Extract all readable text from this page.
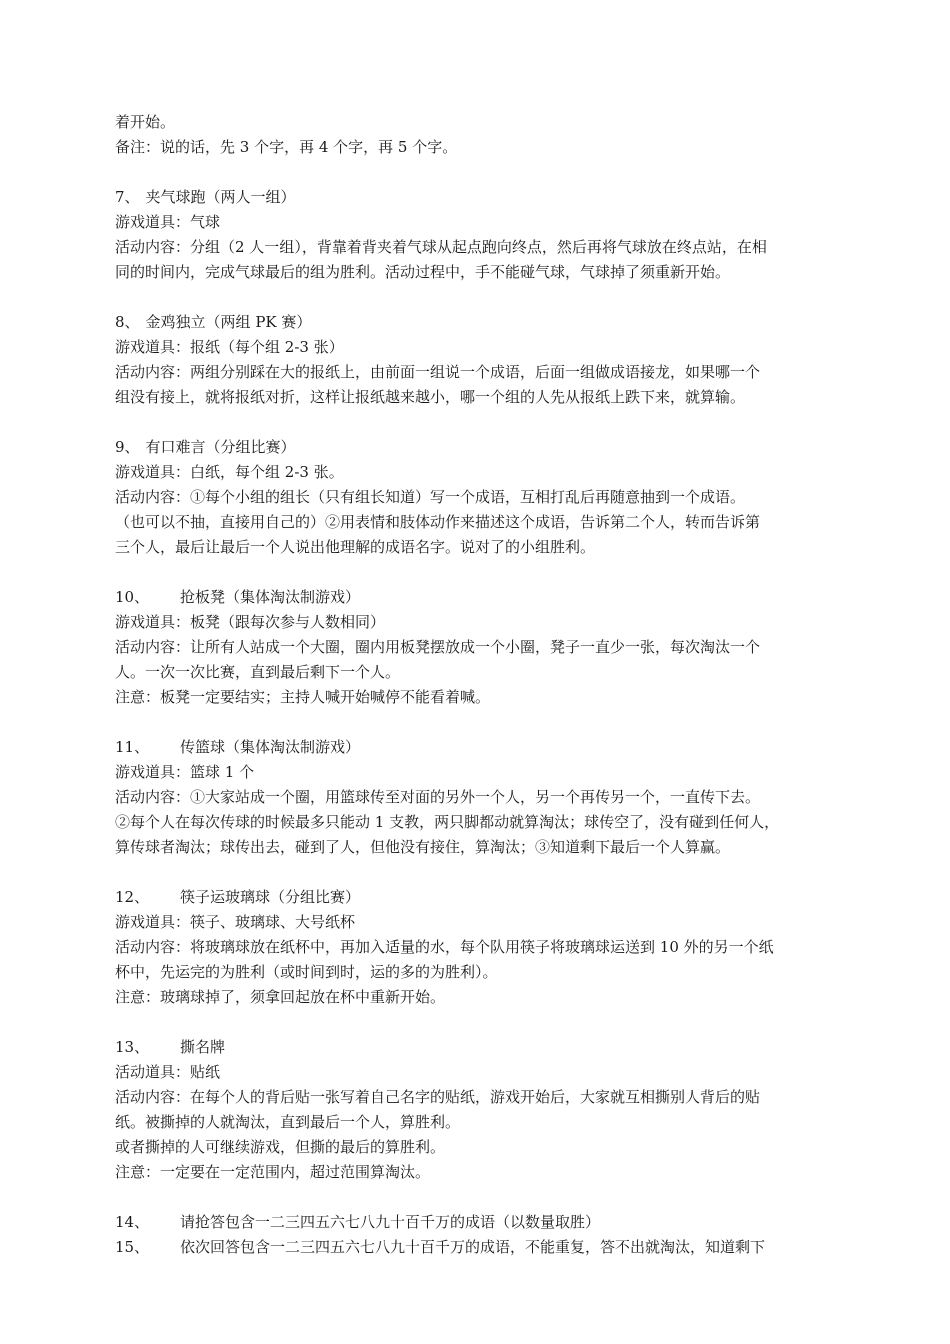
着开始。
备注：说的话，先 3 个字，再 4 个字，再 5 个字。
7、 夹气球跑（两人一组）
游戏道具：气球
活动内容：分组（2 人一组），背靠着背夹着气球从起点跑向终点，然后再将气球放在终点站，在相
同的时间内，完成气球最后的组为胜利。活动过程中，手不能碰气球，气球掉了须重新开始。
8、 金鸡独立（两组 PK 赛）
游戏道具：报纸（每个组 2-3 张）
活动内容：两组分别踩在大的报纸上，由前面一组说一个成语，后面一组做成语接龙，如果哪一个
组没有接上，就将报纸对折，这样让报纸越来越小，哪一个组的人先从报纸上跌下来，就算输。
9、 有口难言（分组比赛）
游戏道具：白纸，每个组 2-3 张。
活动内容：①每个小组的组长（只有组长知道）写一个成语，互相打乱后再随意抽到一个成语。
（也可以不抽，直接用自己的）②用表情和肢体动作来描述这个成语，告诉第二个人，转而告诉第
三个人，最后让最后一个人说出他理解的成语名字。说对了的小组胜利。
10、 抢板凳（集体淘汰制游戏）
游戏道具：板凳（跟每次参与人数相同）
活动内容：让所有人站成一个大圈，圈内用板凳摆放成一个小圈，凳子一直少一张，每次淘汰一个
人。一次一次比赛，直到最后剩下一个人。
注意：板凳一定要结实；主持人喊开始喊停不能看着喊。
11、 传篮球（集体淘汰制游戏）
游戏道具：篮球 1 个
活动内容：①大家站成一个圈，用篮球传至对面的另外一个人，另一个再传另一个，一直传下去。
②每个人在每次传球的时候最多只能动 1 支教，两只脚都动就算淘汰；球传空了，没有碰到任何人，
算传球者淘汰；球传出去，碰到了人，但他没有接住，算淘汰；③知道剩下最后一个人算赢。
12、 筷子运玻璃球（分组比赛）
游戏道具：筷子、玻璃球、大号纸杯
活动内容：将玻璃球放在纸杯中，再加入适量的水，每个队用筷子将玻璃球运送到 10 外的另一个纸
杯中，先运完的为胜利（或时间到时，运的多的为胜利）。
注意：玻璃球掉了，须拿回起放在杯中重新开始。
13、 撕名牌
活动道具：贴纸
活动内容：在每个人的背后贴一张写着自己名字的贴纸，游戏开始后，大家就互相撕别人背后的贴
纸。被撕掉的人就淘汰，直到最后一个人，算胜利。
或者撕掉的人可继续游戏，但撕的最后的算胜利。
注意：一定要在一定范围内，超过范围算淘汰。
14、 请抢答包含一二三四五六七八九十百千万的成语（以数量取胜）
15、 依次回答包含一二三四五六七八九十百千万的成语，不能重复，答不出就淘汰，知道剩下
